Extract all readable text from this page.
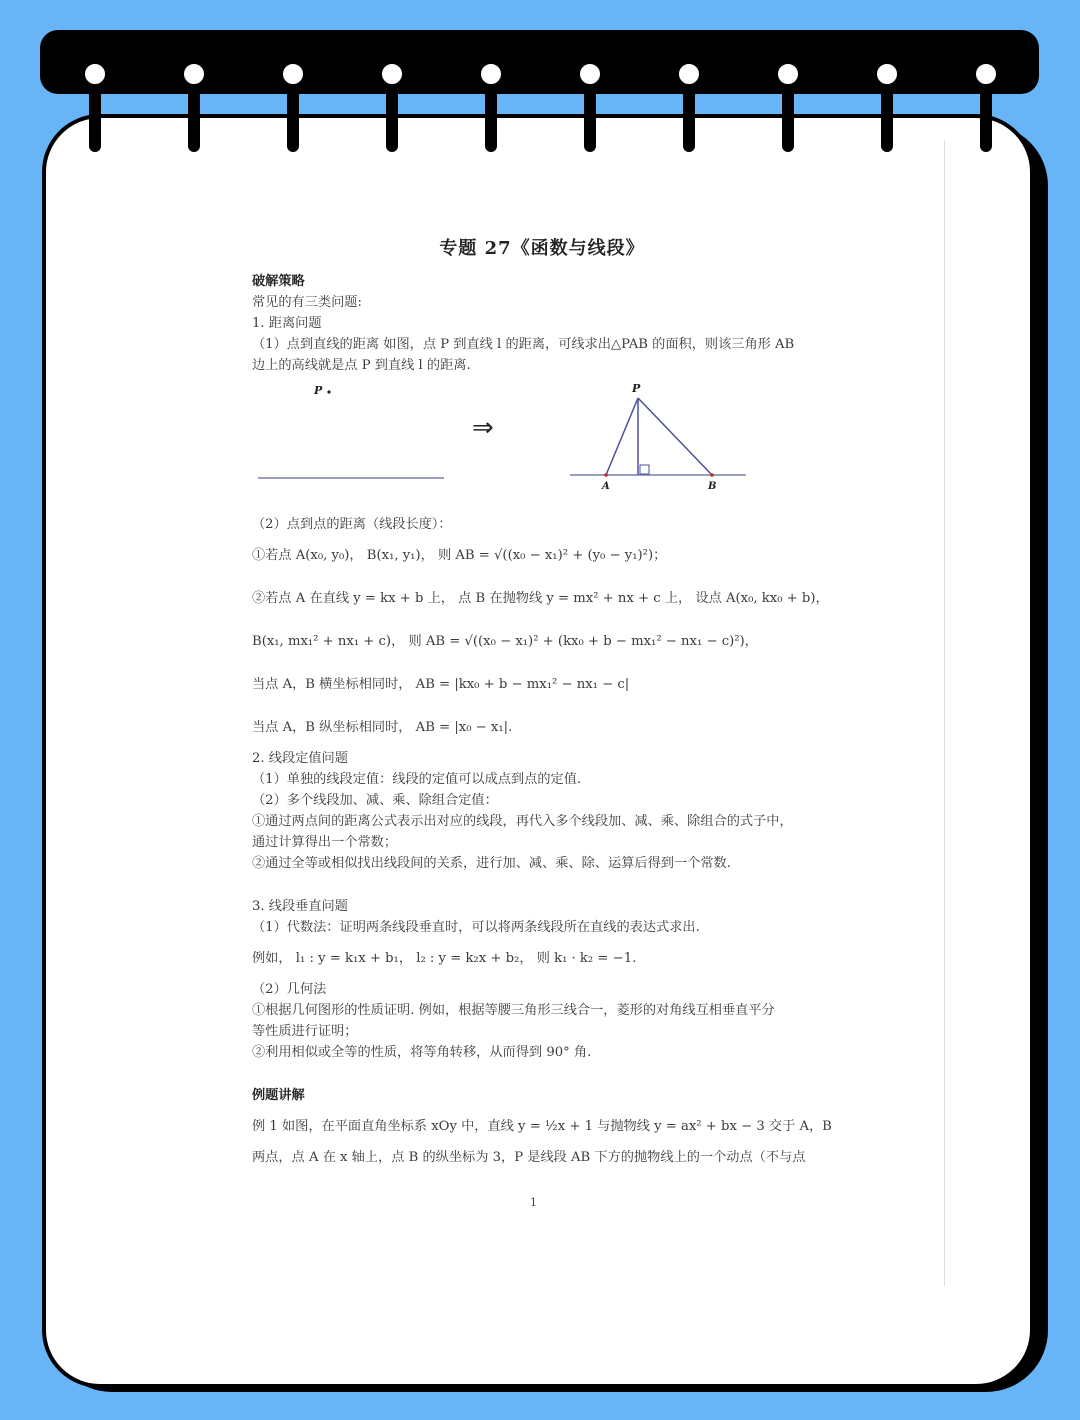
专题 27《函数与线段》
破解策略
常见的有三类问题:
1. 距离问题
（1）点到直线的距离 如图，点 P 到直线 l 的距离，可线求出△PAB 的面积，则该三角形 AB
边上的高线就是点 P 到直线 l 的距离.
P
⇒
P
A	B
（2）点到点的距离（线段长度）：
①若点 A(x₀, y₀)， B(x₁, y₁)， 则 AB = √((x₀ − x₁)² + (y₀ − y₁)²)；
②若点 A 在直线 y = kx + b 上， 点 B 在抛物线 y = mx² + nx + c 上， 设点 A(x₀, kx₀ + b)，
B(x₁, mx₁² + nx₁ + c)， 则 AB = √((x₀ − x₁)² + (kx₀ + b − mx₁² − nx₁ − c)²)，
当点 A，B 横坐标相同时， AB = |kx₀ + b − mx₁² − nx₁ − c|
当点 A，B 纵坐标相同时， AB = |x₀ − x₁|.
2. 线段定值问题
（1）单独的线段定值：线段的定值可以成点到点的定值.
（2）多个线段加、减、乘、除组合定值：
①通过两点间的距离公式表示出对应的线段，再代入多个线段加、减、乘、除组合的式子中，
通过计算得出一个常数；
②通过全等或相似找出线段间的关系，进行加、减、乘、除、运算后得到一个常数.
3. 线段垂直问题
（1）代数法：证明两条线段垂直时，可以将两条线段所在直线的表达式求出.
例如， l₁ : y = k₁x + b₁， l₂ : y = k₂x + b₂， 则 k₁ · k₂ = −1.
（2）几何法
①根据几何图形的性质证明. 例如，根据等腰三角形三线合一，菱形的对角线互相垂直平分
等性质进行证明；
②利用相似或全等的性质，将等角转移，从而得到 90° 角.
例题讲解
例 1 如图，在平面直角坐标系 xOy 中，直线 y = ½x + 1 与抛物线 y = ax² + bx − 3 交于 A，B
两点，点 A 在 x 轴上，点 B 的纵坐标为 3，P 是线段 AB 下方的抛物线上的一个动点（不与点
1
